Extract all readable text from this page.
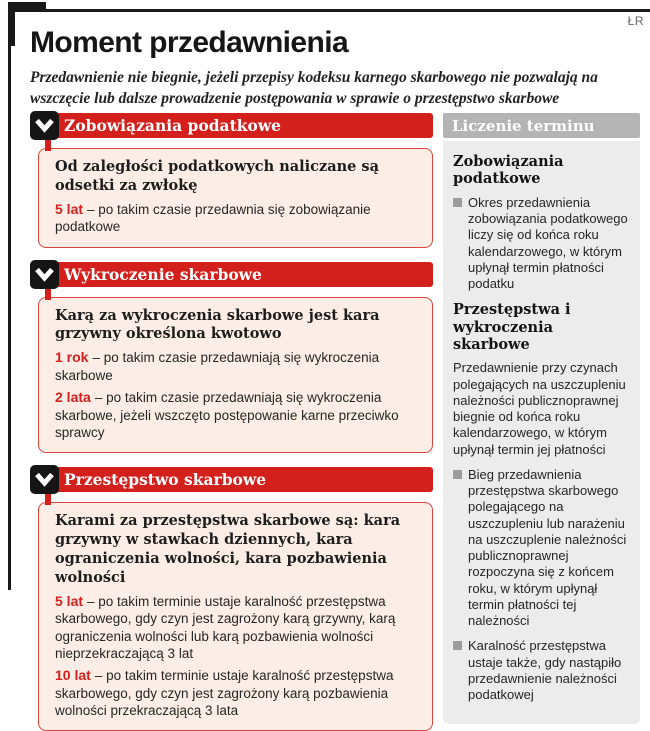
ŁR
Moment przedawnienia

Przedawnienie nie biegnie, jeżeli przepisy kodeksu karnego skarbowego nie pozwalają na wszczęcie lub dalsze prowadzenie postępowania w sprawie o przestępstwo skarbowe

Zobowiązania podatkowe
Od zaległości podatkowych naliczane są odsetki za zwłokę
5 lat – po takim czasie przedawnia się zobowiązanie podatkowe
Wykroczenie skarbowe
Karą za wykroczenia skarbowe jest kara grzywny określona kwotowo
1 rok – po takim czasie przedawniają się wykroczenia skarbowe
2 lata – po takim czasie przedawniają się wykroczenia skarbowe, jeżeli wszczęto postępowanie karne przeciwko sprawcy
Przestępstwo skarbowe
Karami za przestępstwa skarbowe są: kara grzywny w stawkach dziennych, kara ograniczenia wolności, kara pozbawienia wolności
5 lat – po takim terminie ustaje karalność przestępstwa skarbowego, gdy czyn jest zagrożony karą grzywny, karą ograniczenia wolności lub karą pozbawienia wolności nieprzekraczającą 3 lat
10 lat – po takim terminie ustaje karalność przestępstwa skarbowego, gdy czyn jest zagrożony karą pozbawienia wolności przekraczającą 3 lata
Liczenie terminu
Zobowiązania podatkowe
Okres przedawnienia zobowiązania podatkowego liczy się od końca roku kalendarzowego, w którym upłynął termin płatności podatku
Przestępstwa i wykroczenia skarbowe

Przedawnienie przy czynach polegających na uszczupleniu należności publicznoprawnej biegnie od końca roku kalendarzowego, w którym upłynął termin jej płatności

Bieg przedawnienia przestępstwa skarbowego polegającego na uszczupleniu lub narażeniu na uszczuplenie należności publicznoprawnej rozpoczyna się z końcem roku, w którym upłynął termin płatności tej należności
Karalność przestępstwa ustaje także, gdy nastąpiło przedawnienie należności podatkowej
